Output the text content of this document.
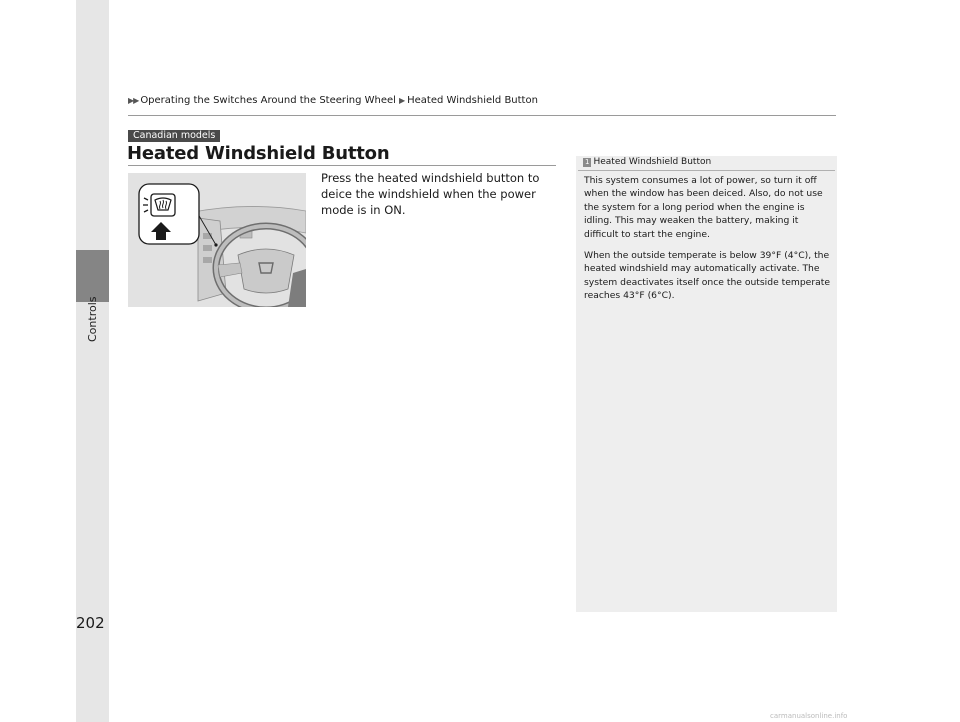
Controls
202
▶▶ Operating the Switches Around the Steering Wheel ▶ Heated Windshield Button
Canadian models
Heated Windshield Button
Press the heated windshield button to deice the windshield when the power mode is in ON.
1 Heated Windshield Button

This system consumes a lot of power, so turn it off when the window has been deiced. Also, do not use the system for a long period when the engine is idling. This may weaken the battery, making it difficult to start the engine.

When the outside temperate is below 39°F (4°C), the heated windshield may automatically activate. The system deactivates itself once the outside temperate reaches 43°F (6°C).

carmanualsonline.info
